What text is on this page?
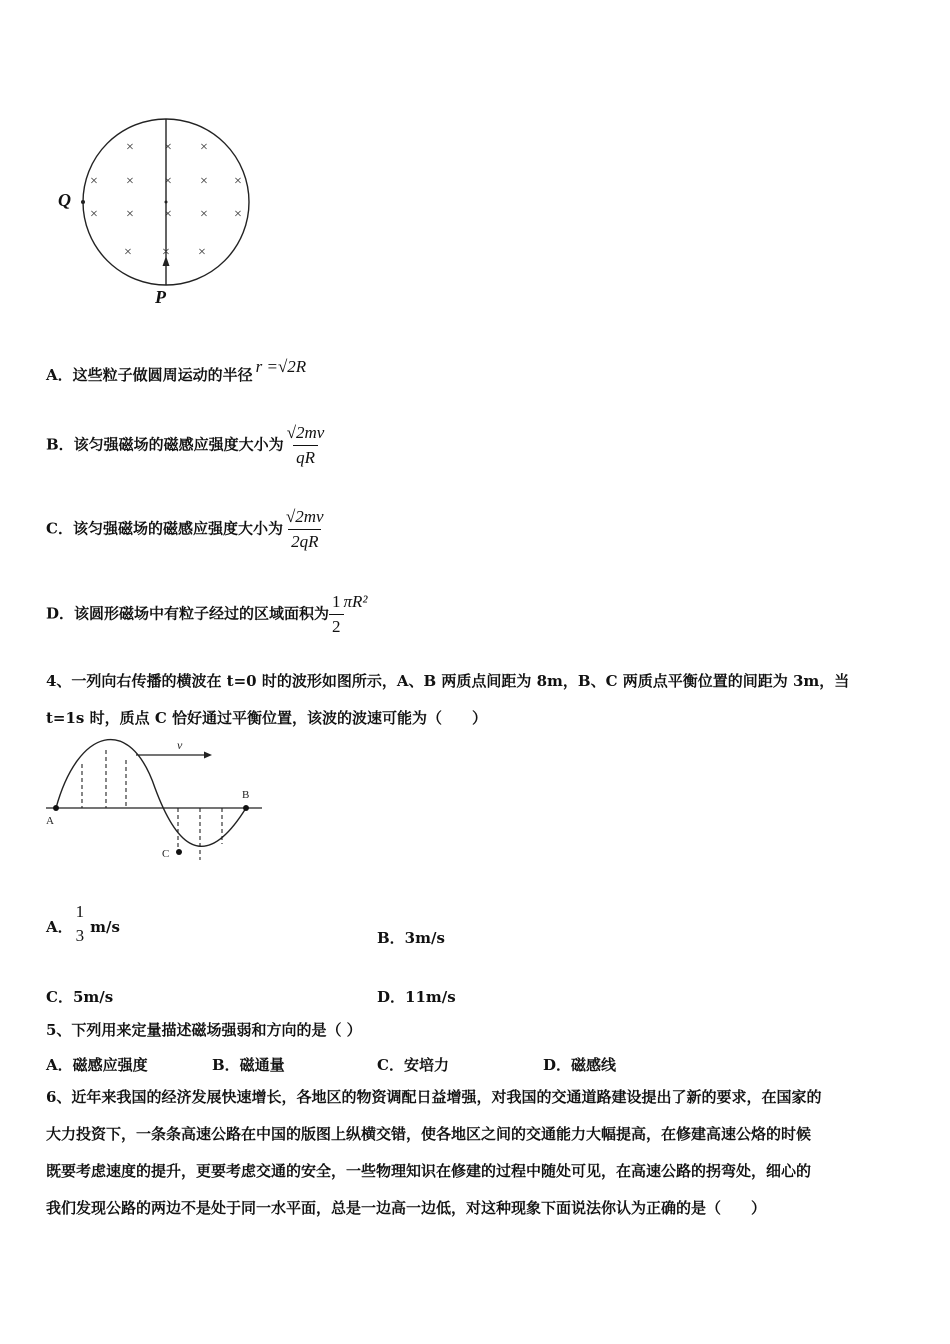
× × ×
× × × × ×
× × × × ×
× × ×
Q
P
A．这些粒子做圆周运动的半径 r =√2R
B．该匀强磁场的磁感应强度大小为 $\frac{√2mv}{qR}$
C．该匀强磁场的磁感应强度大小为 $\frac{√2mv}{2qR}$
D．该圆形磁场中有粒子经过的区域面积为 $\frac{1}{2} \pi R^2$
4、一列向右传播的横波在 t=0 时的波形如图所示，A、B 两质点间距为 8m，B、C 两质点平衡位置的间距为 3m，当
t=1s 时，质点 C 恰好通过平衡位置，该波的波速可能为（　　）
v
A
B
C
A．
1
3 m/s
B．3m/s
C．5m/s	D．11m/s
5、下列用来定量描述磁场强弱和方向的是（ ）
A．磁感应强度	B．磁通量	C．安培力	D．磁感线
6、近年来我国的经济发展快速增长，各地区的物资调配日益增强，对我国的交通道路建设提出了新的要求，在国家的
大力投资下，一条条高速公路在中国的版图上纵横交错，使各地区之间的交通能力大幅提高，在修建高速公烙的时候
既要考虑速度的提升，更要考虑交通的安全，一些物理知识在修建的过程中随处可见，在高速公路的拐弯处，细心的
我们发现公路的两边不是处于同一水平面，总是一边高一边低，对这种现象下面说法你认为正确的是（　　）
